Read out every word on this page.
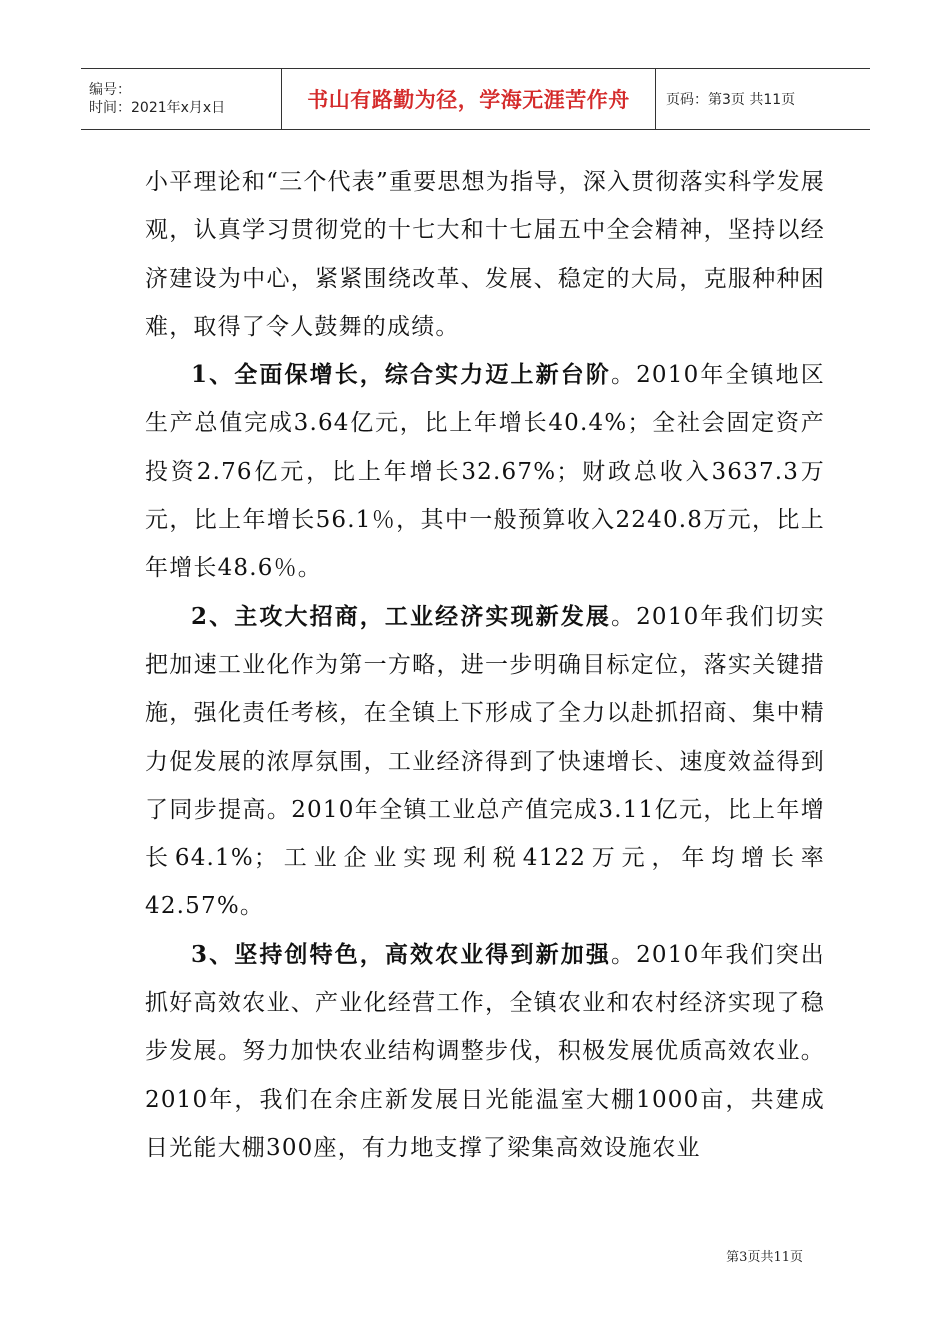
编号：
时间：2021年x月x日	书山有路勤为径，学海无涯苦作舟	页码：第3页 共11页

小平理论和“三个代表”重要思想为指导，深入贯彻落实科学发展观，认真学习贯彻党的十七大和十七届五中全会精神，坚持以经济建设为中心，紧紧围绕改革、发展、稳定的大局，克服种种困难，取得了令人鼓舞的成绩。

1、全面保增长，综合实力迈上新台阶。2010年全镇地区生产总值完成3.64亿元，比上年增长40.4%；全社会固定资产投资2.76亿元，比上年增长32.67%；财政总收入3637.3万元，比上年增长56.1％，其中一般预算收入2240.8万元，比上年增长48.6％。

2、主攻大招商，工业经济实现新发展。2010年我们切实把加速工业化作为第一方略，进一步明确目标定位，落实关键措施，强化责任考核，在全镇上下形成了全力以赴抓招商、集中精力促发展的浓厚氛围，工业经济得到了快速增长、速度效益得到了同步提高。2010年全镇工业总产值完成3.11亿元，比上年增长64.1%；工业企业实现利税4122万元，年均增长率42.57%。

3、坚持创特色，高效农业得到新加强。2010年我们突出抓好高效农业、产业化经营工作，全镇农业和农村经济实现了稳步发展。努力加快农业结构调整步伐，积极发展优质高效农业。2010年，我们在余庄新发展日光能温室大棚1000亩，共建成日光能大棚300座，有力地支撑了梁集高效设施农业

第3页共11页
